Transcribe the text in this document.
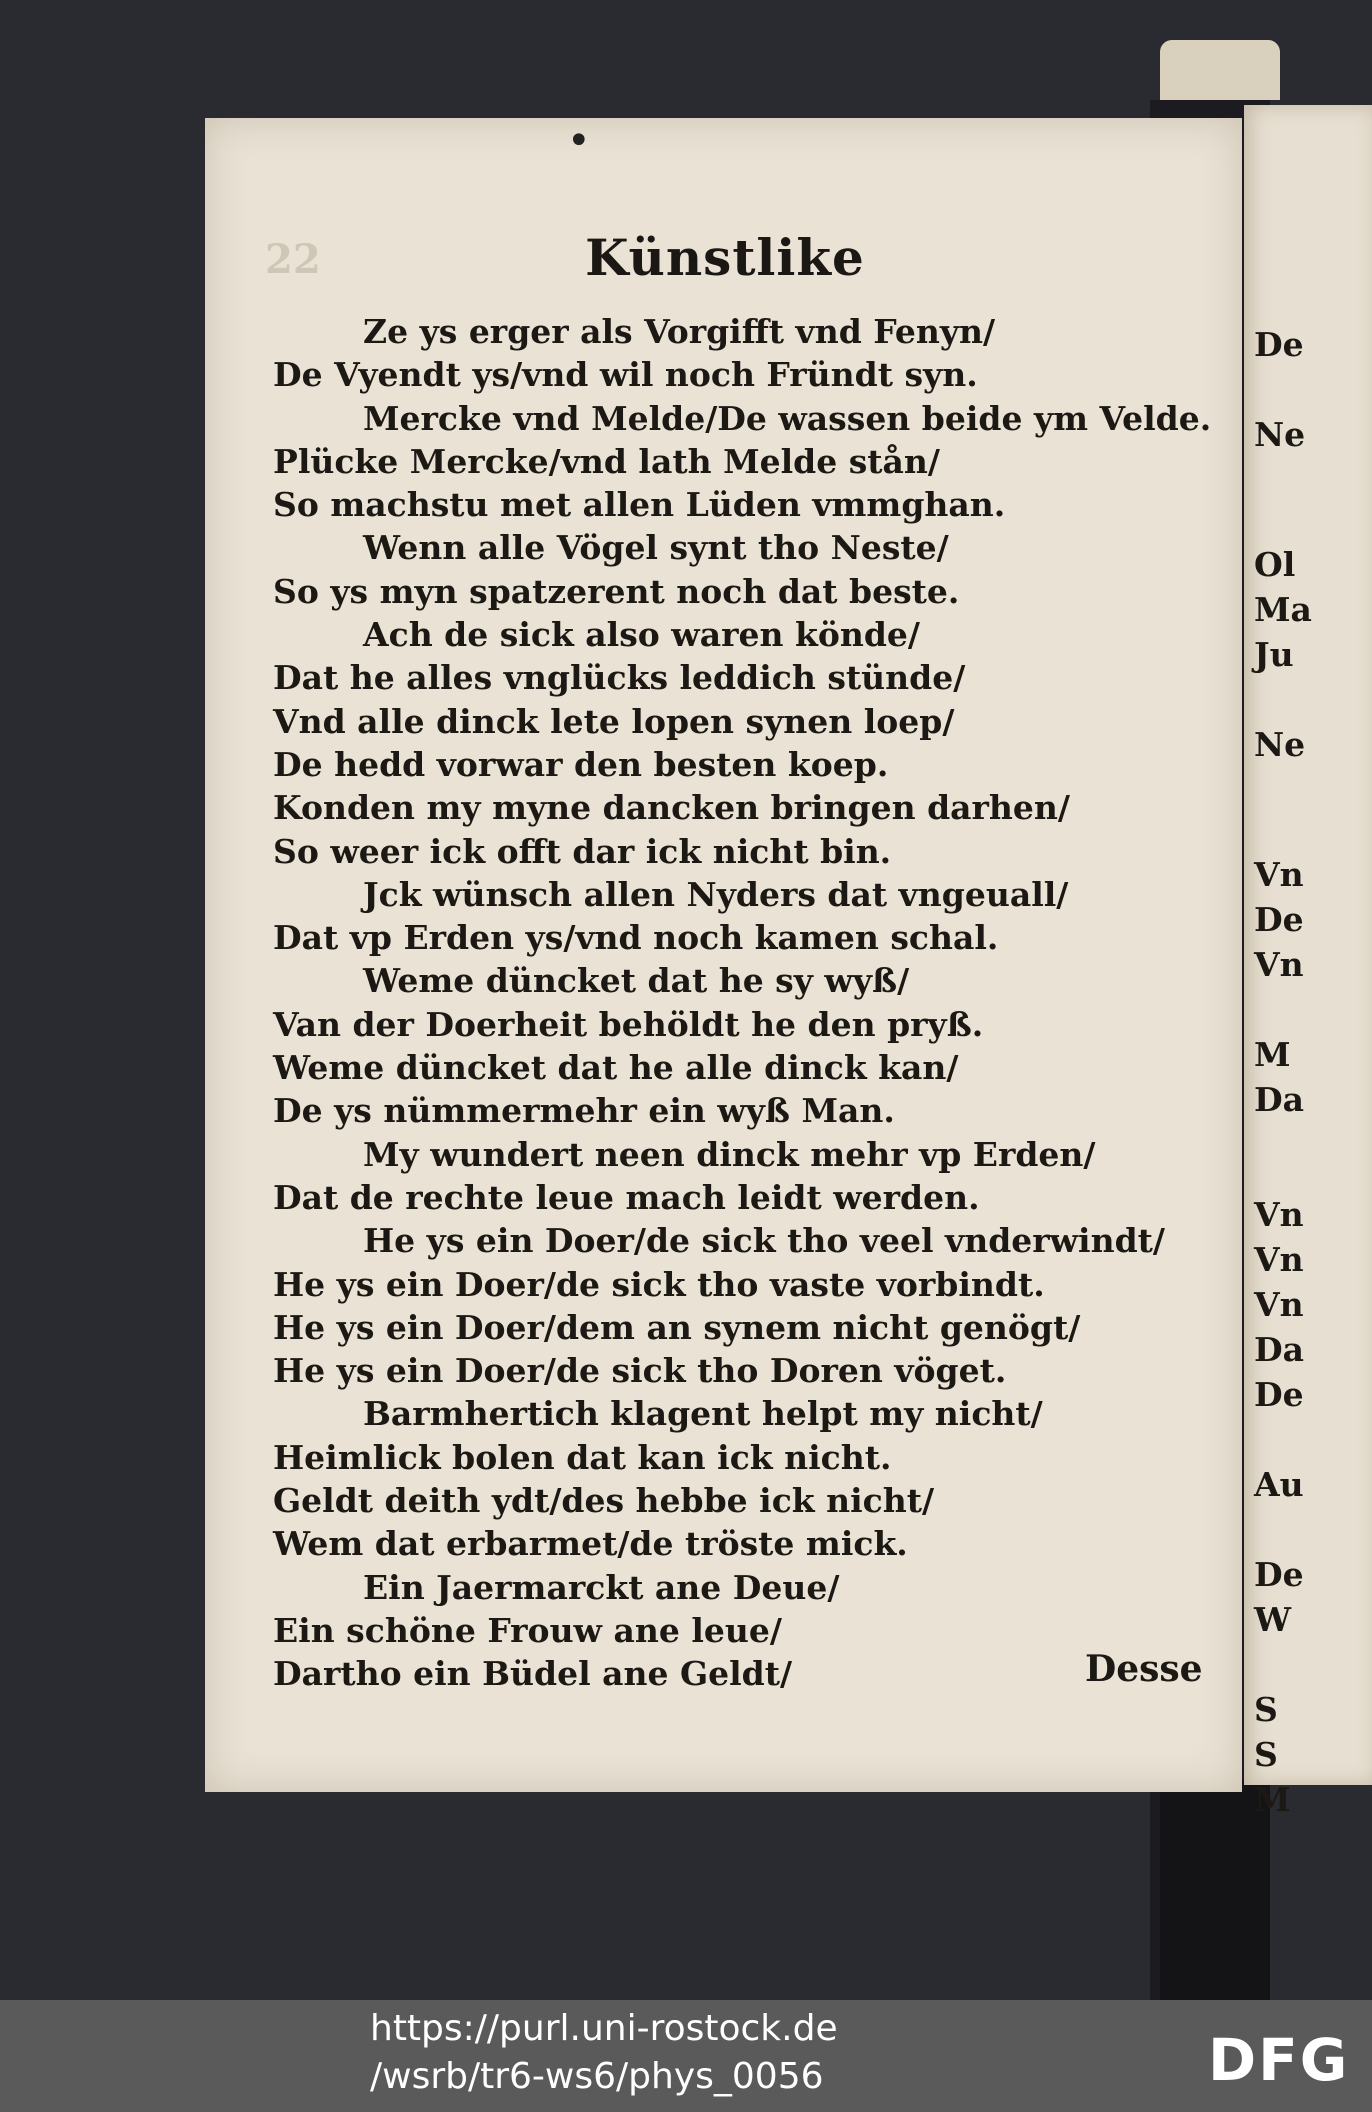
22
•
Künstlike
Ze ys erger als Vorgifft vnd Fenyn/
De Vyendt ys/vnd wil noch Fründt syn.
Mercke vnd Melde/De wassen beide ym Velde.
Plücke Mercke/vnd lath Melde stån/
So machstu met allen Lüden vmmghan.
Wenn alle Vögel synt tho Neste/
So ys myn spatzerent noch dat beste.
Ach de sick also waren könde/
Dat he alles vnglücks leddich stünde/
Vnd alle dinck lete lopen synen loep/
De hedd vorwar den besten koep.
Konden my myne dancken bringen darhen/
So weer ick offt dar ick nicht bin.
Jck wünsch allen Nyders dat vngeuall/
Dat vp Erden ys/vnd noch kamen schal.
Weme düncket dat he sy wyß/
Van der Doerheit behöldt he den pryß.
Weme düncket dat he alle dinck kan/
De ys nümmermehr ein wyß Man.
My wundert neen dinck mehr vp Erden/
Dat de rechte leue mach leidt werden.
He ys ein Doer/de sick tho veel vnderwindt/
He ys ein Doer/de sick tho vaste vorbindt.
He ys ein Doer/dem an synem nicht genögt/
He ys ein Doer/de sick tho Doren vöget.
Barmhertich klagent helpt my nicht/
Heimlick bolen dat kan ick nicht.
Geldt deith ydt/des hebbe ick nicht/
Wem dat erbarmet/de tröste mick.
Ein Jaermarckt ane Deue/
Ein schöne Frouw ane leue/
Dartho ein Büdel ane Geldt/	Desse
De
Ne
Ol
Ma
Ju
Ne
Vn
De
Vn
M
Da
Vn
Vn
Vn
Da
De
Au
De
W
S
S
M
https://purl.uni-rostock.de
/wsrb/tr6-ws6/phys_0056	DFG
